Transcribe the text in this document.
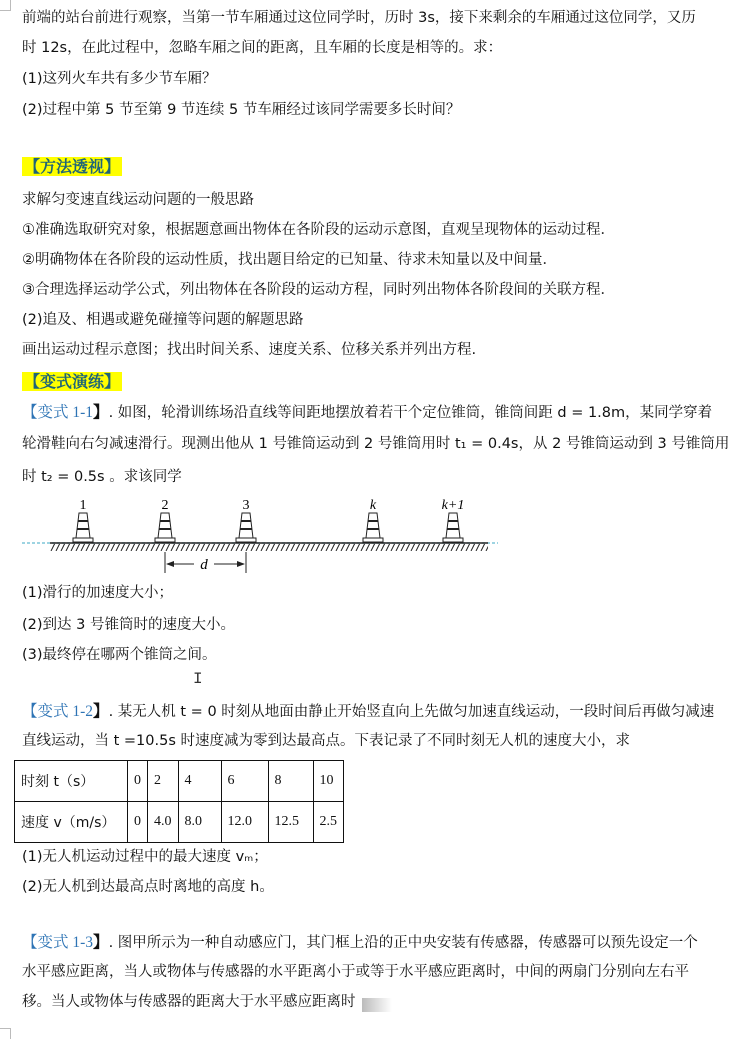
前端的站台前进行观察，当第一节车厢通过这位同学时，历时 3s，接下来剩余的车厢通过这位同学，又历
时 12s，在此过程中，忽略车厢之间的距离，且车厢的长度是相等的。求：
(1)这列火车共有多少节车厢？
(2)过程中第 5 节至第 9 节连续 5 节车厢经过该同学需要多长时间？
【方法透视】
求解匀变速直线运动问题的一般思路
①准确选取研究对象，根据题意画出物体在各阶段的运动示意图，直观呈现物体的运动过程．
②明确物体在各阶段的运动性质，找出题目给定的已知量、待求未知量以及中间量．
③合理选择运动学公式，列出物体在各阶段的运动方程，同时列出物体各阶段间的关联方程．
(2)追及、相遇或避免碰撞等问题的解题思路
画出运动过程示意图；找出时间关系、速度关系、位移关系并列出方程.
【变式演练】
【变式 1-1】. 如图，轮滑训练场沿直线等间距地摆放着若干个定位锥筒，锥筒间距 d = 1.8m，某同学穿着
轮滑鞋向右匀减速滑行。现测出他从 1 号锥筒运动到 2 号锥筒用时 t₁ = 0.4s，从 2 号锥筒运动到 3 号锥筒用
时 t₂ = 0.5s 。求该同学
1	2	3	k	k+1
d
(1)滑行的加速度大小；
(2)到达 3 号锥筒时的速度大小。
(3)最终停在哪两个锥筒之间。
I
【变式 1-2】. 某无人机 t = 0 时刻从地面由静止开始竖直向上先做匀加速直线运动，一段时间后再做匀减速
直线运动，当 t =10.5s 时速度减为零到达最高点。下表记录了不同时刻无人机的速度大小，求
时刻 t（s）	0	2	4	6	8	10
速度 v（m/s）	0	4.0	8.0	12.0	12.5	2.5
(1)无人机运动过程中的最大速度 vₘ；
(2)无人机到达最高点时离地的高度 h。
【变式 1-3】. 图甲所示为一种自动感应门，其门框上沿的正中央安装有传感器，传感器可以预先设定一个
水平感应距离，当人或物体与传感器的水平距离小于或等于水平感应距离时，中间的两扇门分别向左右平
移。当人或物体与传感器的距离大于水平感应距离时
